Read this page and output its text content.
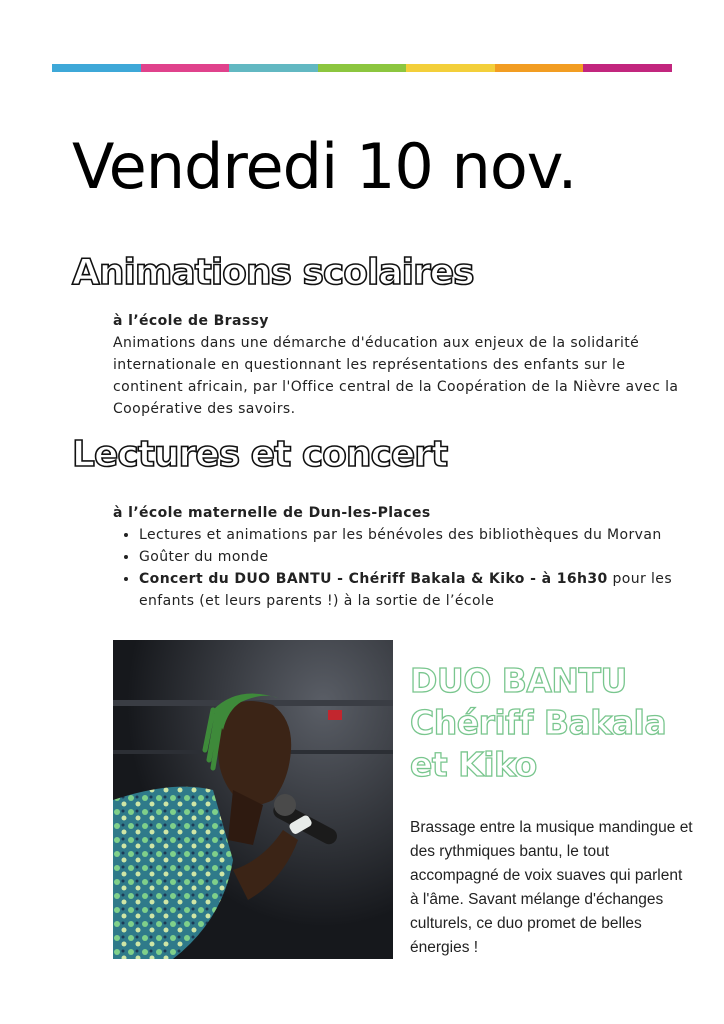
Vendredi 10 nov.
Animations scolaires
à l’école de Brassy
Animations dans une démarche d'éducation aux enjeux de la solidarité internationale en questionnant les représentations des enfants sur le continent africain, par l'Office central de la Coopération de la Nièvre avec la Coopérative des savoirs.
Lectures et concert
à l’école maternelle de Dun-les-Places
• Lectures et animations par les bénévoles des bibliothèques du Morvan
• Goûter du monde
• Concert du DUO BANTU - Chériff Bakala & Kiko - à 16h30 pour les enfants (et leurs parents !) à la sortie de l’école
DUO BANTU
Chériff Bakala
et Kiko

Brassage entre la musique mandingue et des rythmiques bantu, le tout accompagné de voix suaves qui parlent à l'âme. Savant mélange d'échanges culturels, ce duo promet de belles énergies !
